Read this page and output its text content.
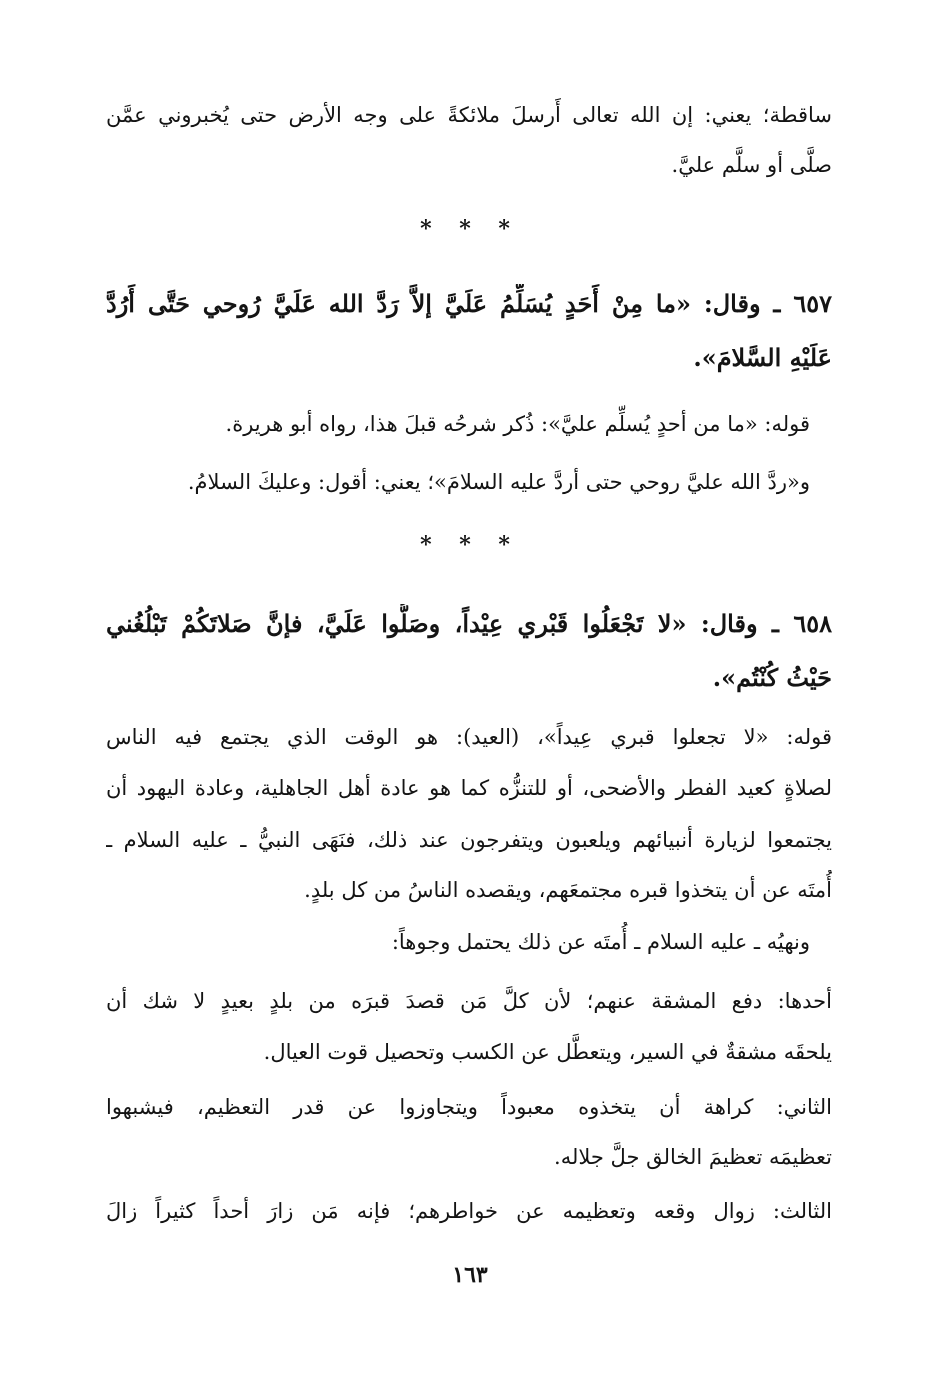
ساقطة؛ يعني: إن الله تعالى أَرسلَ ملائكةً على وجه الأرض حتى يُخبروني عمَّن
صلَّى أو سلَّم عليَّ.
* * *
٦٥٧ ـ وقال: «ما مِنْ أَحَدٍ يُسَلِّمُ عَلَيَّ إلاَّ رَدَّ الله عَلَيَّ رُوحي حَتَّى أَرُدَّ
عَلَيْهِ السَّلامَ».
قوله: «ما من أحدٍ يُسلِّم عليَّ»: ذُكر شرحُه قبلَ هذا، رواه أبو هريرة.
و«ردَّ الله عليَّ روحي حتى أردَّ عليه السلامَ»؛ يعني: أقول: وعليكَ السلامُ.
* * *
٦٥٨ ـ وقال: «لا تَجْعَلُوا قَبْري عِيْداً، وصَلُّوا عَلَيَّ، فإنَّ صَلاتَكُمْ تَبْلُغُني
حَيْثُ كُنْتُم».
قوله: «لا تجعلوا قبري عِيداً»، (العيد): هو الوقت الذي يجتمع فيه الناس
لصلاةٍ كعيد الفطر والأضحى، أو للتنزُّه كما هو عادة أهل الجاهلية، وعادة اليهود أن
يجتمعوا لزيارة أنبيائهم ويلعبون ويتفرجون عند ذلك، فنَهَى النبيُّ ـ عليه السلام ـ
أُمتَه عن أن يتخذوا قبره مجتمعَهم، ويقصده الناسُ من كل بلدٍ.
ونهيُه ـ عليه السلام ـ أُمتَه عن ذلك يحتمل وجوهاً:
أحدها: دفع المشقة عنهم؛ لأن كلَّ مَن قصدَ قبرَه من بلدٍ بعيدٍ لا شك أن
يلحقَه مشقةٌ في السير، ويتعطَّل عن الكسب وتحصيل قوت العيال.
الثاني: كراهة أن يتخذوه معبوداً ويتجاوزوا عن قدر التعظيم، فيشبهوا
تعظيمَه تعظيمَ الخالق جلَّ جلاله.
الثالث: زوال وقعه وتعظيمه عن خواطرهم؛ فإنه مَن زارَ أحداً كثيراً زالَ
١٦٣
